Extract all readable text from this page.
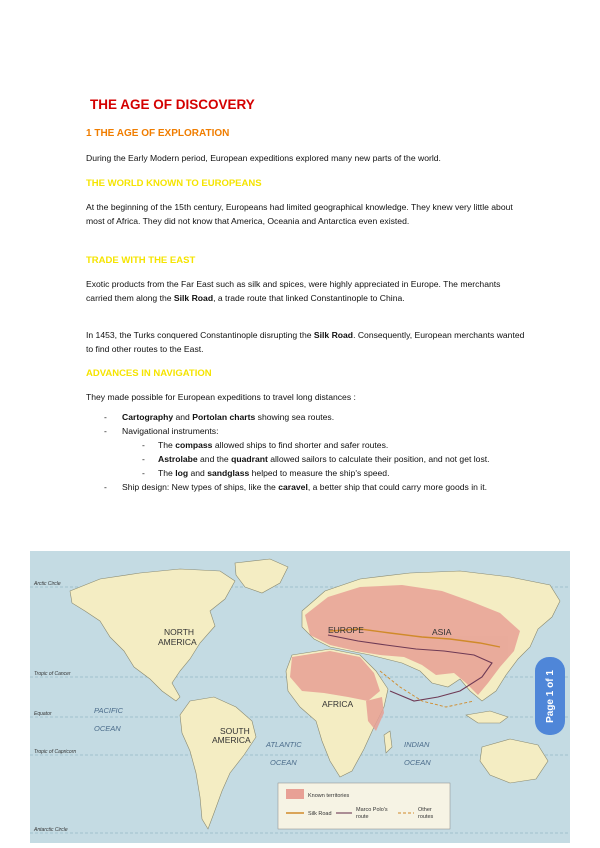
THE AGE OF DISCOVERY
1 THE AGE OF EXPLORATION
During the Early Modern period, European expeditions explored many new parts of the world.
THE WORLD KNOWN TO EUROPEANS
At the beginning of the 15th century, Europeans had limited geographical knowledge. They knew very little about most of Africa. They did not know that America, Oceania and Antarctica even existed.
TRADE WITH THE EAST
Exotic products from the Far East such as silk and spices, were highly appreciated in Europe. The merchants carried them along the Silk Road, a trade route that linked Constantinople to China.
In 1453, the Turks conquered Constantinople disrupting the Silk Road. Consequently, European merchants wanted to find other routes to the East.
ADVANCES IN NAVIGATION
They made possible for European expeditions to travel long distances :
- Cartography and Portolan charts showing sea routes.
- Navigational instruments:
- The compass allowed ships to find shorter and safer routes.
- Astrolabe and the quadrant allowed sailors to calculate their position, and not get lost.
- The log and sandglass helped to measure the ship's speed.
- Ship design: New types of ships, like the caravel, a better ship that could carry more goods in it.
Arctic Circle
Tropic of Cancer
Equator
Tropic of Capricorn
Antarctic Circle
NORTH
AMERICA
SOUTH
AMERICA
EUROPE	ASIA
AFRICA
PACIFIC
OCEAN
ATLANTIC
OCEAN
INDIAN
OCEAN
Known territories
Silk Road
Marco Polo's
route
Other
routes
Page 1 of 1
